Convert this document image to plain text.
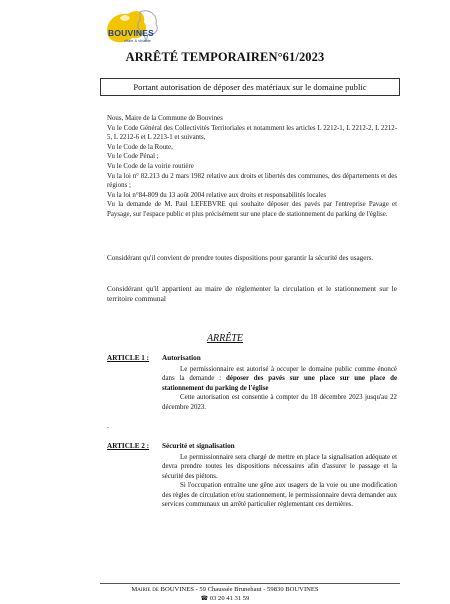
BOUVINES
vitale & vivante
ARRÊTÉ TEMPORAIREN°61/2023
Portant autorisation de déposer des matériaux sur le domaine public

Nous, Maire de la Commune de Bouvines

Vu le Code Général des Collectivités Territoriales et notamment les articles L 2212-1, L 2212-2, L 2212-5, L 2212-6 et L 2213-1 et suivants,

Vu le Code de la Route,

Vu le Code Pénal ;

Vu le Code de la voirie routière

Vu la loi n° 82.213 du 2 mars 1982 relative aux droits et libertés des communes, des départements et des régions ;

Vu la loi n°84-809 du 13 août 2004 relative aux droits et responsabilités locales

Vu la demande de M. Paul LEFEBVRE qui souhaite déposer des pavés par l'entreprise Pavage et Paysage, sur l'espace public et plus précisément sur une place de stationnement du parking de l'église.

Considérant qu'il convient de prendre toutes dispositions pour garantir la sécurité des usagers.
Considérant qu'il appartient au maire de réglementer la circulation et le stationnement sur le territoire communal
ARRÊTE
ARTICLE 1 : Autorisation

Le permissionnaire est autorisé à occuper le domaine public comme énoncé dans la demande : déposer des pavés sur une place sur une place de stationnement du parking de l'église

Cette autorisation est consentie à compter du 18 décembre 2023 jusqu'au 22 décembre 2023.

.
ARTICLE 2 : Sécurité et signalisation

Le permissionnaire sera chargé de mettre en place la signalisation adéquate et devra prendre toutes les dispositions nécessaires afin d'assurer le passage et la sécurité des piétons.

Si l'occupation entraîne une gêne aux usagers de la voie ou une modification des règles de circulation et/ou stationnement, le permissionnaire devra demander aux services communaux un arrêté particulier réglementant ces dernières.

Mairie de BOUVINES - 59 Chaussée Brunehaut - 59830 BOUVINES
☎ 03 20 41 31 59
